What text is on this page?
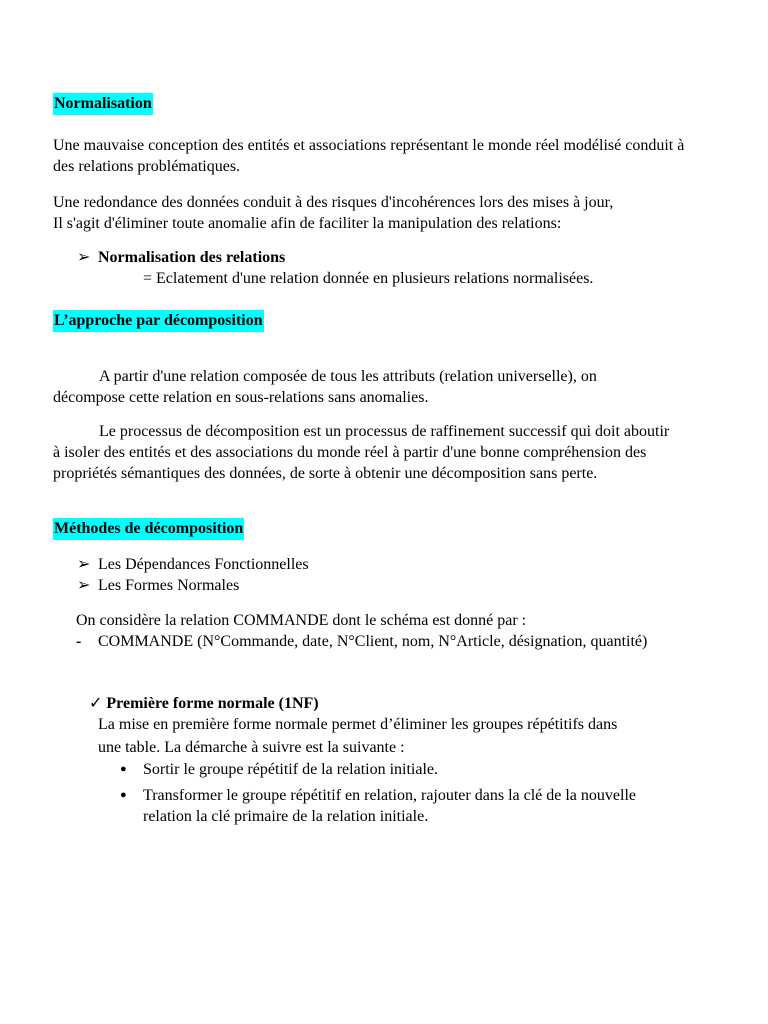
Normalisation
Une mauvaise conception des entités et associations représentant le monde réel modélisé conduit à des relations problématiques.
Une redondance des données conduit à des risques d'incohérences lors des mises à jour,
Il s'agit d'éliminer toute anomalie afin de faciliter la manipulation des relations:
➢ Normalisation des relations
= Eclatement d'une relation donnée en plusieurs relations normalisées.
L’approche par décomposition
A partir d'une relation composée de tous les attributs (relation universelle), on décompose cette relation en sous-relations sans anomalies.
Le processus de décomposition est un processus de raffinement successif qui doit aboutir à isoler des entités et des associations du monde réel à partir d'une bonne compréhension des propriétés sémantiques des données, de sorte à obtenir une décomposition sans perte.
Méthodes de décomposition
➢ Les Dépendances Fonctionnelles
➢ Les Formes Normales
On considère la relation COMMANDE dont le schéma est donné par :
- COMMANDE (N°Commande, date, N°Client, nom, N°Article, désignation, quantité)
✓ Première forme normale (1NF)
La mise en première forme normale permet d’éliminer les groupes répétitifs dans
une table. La démarche à suivre est la suivante :
● Sortir le groupe répétitif de la relation initiale.
● Transformer le groupe répétitif en relation, rajouter dans la clé de la nouvelle relation la clé primaire de la relation initiale.
